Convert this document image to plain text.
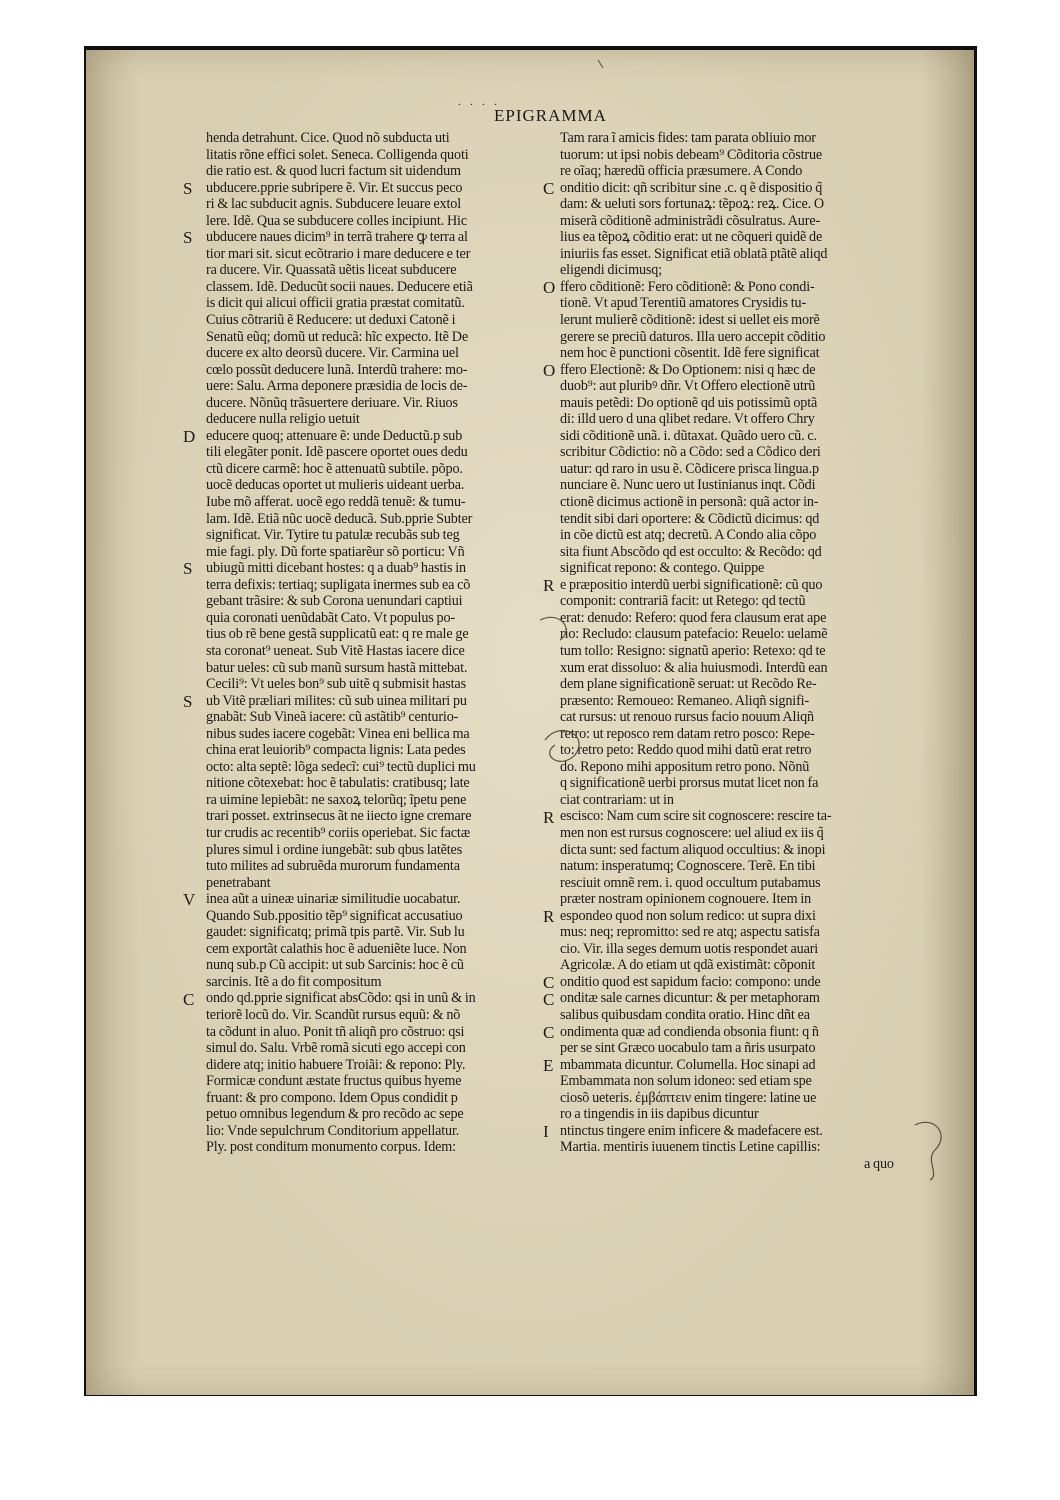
. . . .
EPIGRAMMA
henda detrahunt. Cice. Quod nõ subducta uti
litatis rõne effici solet. Seneca. Colligenda quoti
die ratio est. & quod lucri factum sit uidendum
S ubducere.pprie subripere ẽ. Vir. Et succus peco
ri & lac subducit agnis. Subducere leuare extol
lere. Idẽ. Qua se subducere colles incipiunt. Hic
S ubducere naues dicim⁹ in terrã trahere ꝙ terra al
tior mari sit. sicut ecõtrario i mare deducere e ter
ra ducere. Vir. Quassatã uẽtis liceat subducere
classem. Idẽ. Deducũt socii naues. Deducere etiã
is dicit qui alicui officii gratia præstat comitatũ.
Cuius cõtrariũ ẽ Reducere: ut deduxi Catonẽ i
Senatũ eũq; domũ ut reducã: hĩc expecto. Itẽ De
ducere ex alto deorsũ ducere. Vir. Carmina uel
cœlo possũt deducere lunã. Interdũ trahere: mo-
uere: Salu. Arma deponere præsidia de locis de-
ducere. Nõnũq trãsuertere deriuare. Vir. Riuos
deducere nulla religio uetuit
D educere quoq; attenuare ẽ: unde Deductũ.p sub
tili elegãter ponit. Idẽ pascere oportet oues dedu
ctũ dicere carmẽ: hoc ẽ attenuatũ subtile. põpo.
uocẽ deducas oportet ut mulieris uideant uerba.
Iube mõ afferat. uocẽ ego reddã tenuẽ: & tumu-
lam. Idẽ. Etiã nũc uocẽ deducã. Sub.pprie Subter
significat. Vir. Tytire tu patulæ recubãs sub teg
mie fagi. ply. Dũ forte spatiarẽur sõ porticu: Vñ
S ubiugũ mitti dicebant hostes: q a duab⁹ hastis in
terra defixis: tertiaq; supligata inermes sub ea cõ
gebant trãsire: & sub Corona uenundari captiui
quia coronati uenũdabãt Cato. Vt populus po-
tius ob rẽ bene gestã supplicatũ eat: q re male ge
sta coronat⁹ ueneat. Sub Vitẽ Hastas iacere dice
batur ueles: cũ sub manũ sursum hastã mittebat.
Cecili⁹: Vt ueles bon⁹ sub uitẽ q submisit hastas
S ub Vitẽ præliari milites: cũ sub uinea militari pu
gnabãt: Sub Vineã iacere: cũ astãtib⁹ centurio-
nibus sudes iacere cogebãt: Vinea eni bellica ma
china erat leuiorib⁹ compacta lignis: Lata pedes
octo: alta septẽ: lõga sedecĩ: cui⁹ tectũ duplici mu
nitione cõtexebat: hoc ẽ tabulatis: cratibusq; late
ra uimine lepiebãt: ne saxoꝝ telorũq; ĩpetu pene
trari posset. extrinsecus ãt ne iiecto igne cremare
tur crudis ac recentib⁹ coriis operiebat. Sic factæ
plures simul i ordine iungebãt: sub qbus latẽtes
tuto milites ad subruẽda murorum fundamenta
penetrabant
V inea aũt a uineæ uinariæ similitudie uocabatur.
Quando Sub.ppositio tẽp⁹ significat accusatiuo
gaudet: significatq; primã tpis partẽ. Vir. Sub lu
cem exportãt calathis hoc ẽ adueniẽte luce. Non
nunq sub.p Cũ accipit: ut sub Sarcinis: hoc ẽ cũ
sarcinis. Itẽ a do fit compositum
C ondo qd.pprie significat absCõdo: qsi in unũ & in
teriorẽ locũ do. Vir. Scandũt rursus equũ: & nõ
ta cõdunt in aluo. Ponit tñ aliqñ pro cõstruo: qsi
simul do. Salu. Vrbẽ romã sicuti ego accepi con
didere atq; initio habuere Troiãi: & repono: Ply.
Formicæ condunt æstate fructus quibus hyeme
fruant: & pro compono. Idem Opus condidit p
petuo omnibus legendum & pro recõdo ac sepe
lio: Vnde sepulchrum Conditorium appellatur.
Ply. post conditum monumento corpus. Idem:
Tam rara ĩ amicis fides: tam parata obliuio mor
tuorum: ut ipsi nobis debeam⁹ Cõditoria cõstrue
re oĩaq; hæredũ officia præsumere. A Condo
C onditio dicit: qñ scribitur sine .c. q ẽ dispositio q̃
dam: & ueluti sors fortunaꝝ: tẽpoꝝ: reꝝ. Cice. O
miserã cõditionẽ administrãdi cõsulratus. Aure-
lius ea tẽpoꝝ cõditio erat: ut ne cõqueri quidẽ de
iniuriis fas esset. Significat etiã oblatã ptãtẽ aliqd
eligendi dicimusq;
O ffero cõditionẽ: Fero cõditionẽ: & Pono condi-
tionẽ. Vt apud Terentiũ amatores Crysidis tu-
lerunt mulierẽ cõditionẽ: idest si uellet eis morẽ
gerere se preciũ daturos. Illa uero accepit cõditio
nem hoc ẽ punctioni cõsentit. Idẽ fere significat
O ffero Electionẽ: & Do Optionem: nisi q hæc de
duob⁹: aut pluribꝰ dñr. Vt Offero electionẽ utrũ
mauis petẽdi: Do optionẽ qd uis potissimũ optã
di: illd uero d una qlibet redare. Vt offero Chry
sidi cõditionẽ unã. i. dũtaxat. Quãdo uero cũ. c.
scribitur Cõdictio: nõ a Cõdo: sed a Cõdico deri
uatur: qd raro in usu ẽ. Cõdicere prisca lingua.p
nunciare ẽ. Nunc uero ut Iustinianus inqt. Cõdi
ctionẽ dicimus actionẽ in personã: quã actor in-
tendit sibi dari oportere: & Cõdictũ dicimus: qd
in cõe dictũ est atq; decretũ. A Condo alia cõpo
sita fiunt Abscõdo qd est occulto: & Recõdo: qd
significat repono: & contego. Quippe
R e præpositio interdũ uerbi significationẽ: cũ quo
componit: contrariã facit: ut Retego: qd tectũ
erat: denudo: Refero: quod fera clausum erat ape
rio: Recludo: clausum patefacio: Reuelo: uelamẽ
tum tollo: Resigno: signatũ aperio: Retexo: qd te
xum erat dissoluo: & alia huiusmodi. Interdũ ean
dem plane significationẽ seruat: ut Recõdo Re-
præsento: Remoueo: Remaneo. Aliqñ signifi-
cat rursus: ut renouo rursus facio nouum Aliqñ
retro: ut reposco rem datam retro posco: Repe-
to: retro peto: Reddo quod mihi datũ erat retro
do. Repono mihi appositum retro pono. Nõnũ
q significationẽ uerbi prorsus mutat licet non fa
ciat contrariam: ut in
R escisco: Nam cum scire sit cognoscere: rescire ta-
men non est rursus cognoscere: uel aliud ex iis q̃
dicta sunt: sed factum aliquod occultius: & inopi
natum: insperatumq; Cognoscere. Terẽ. En tibi
resciuit omnẽ rem. i. quod occultum putabamus
præter nostram opinionem cognouere. Item in
R espondeo quod non solum redico: ut supra dixi
mus: neq; repromitto: sed re atq; aspectu satisfa
cio. Vir. illa seges demum uotis respondet auari
Agricolæ. A do etiam ut qdã existimãt: cõponit
C onditio quod est sapidum facio: compono: unde
C onditæ sale carnes dicuntur: & per metaphoram
salibus quibusdam condita oratio. Hinc dñt ea
C ondimenta quæ ad condienda obsonia fiunt: q ñ
per se sint Græco uocabulo tam a ñris usurpato
E mbammata dicuntur. Columella. Hoc sinapi ad
Embammata non solum idoneo: sed etiam spe
ciosõ ueteris. ἐμβάπτειν enim tingere: latine ue
ro a tingendis in iis dapibus dicuntur
I ntinctus tingere enim inficere & madefacere est.
Martia. mentiris iuuenem tinctis Letine capillis:
a quo
